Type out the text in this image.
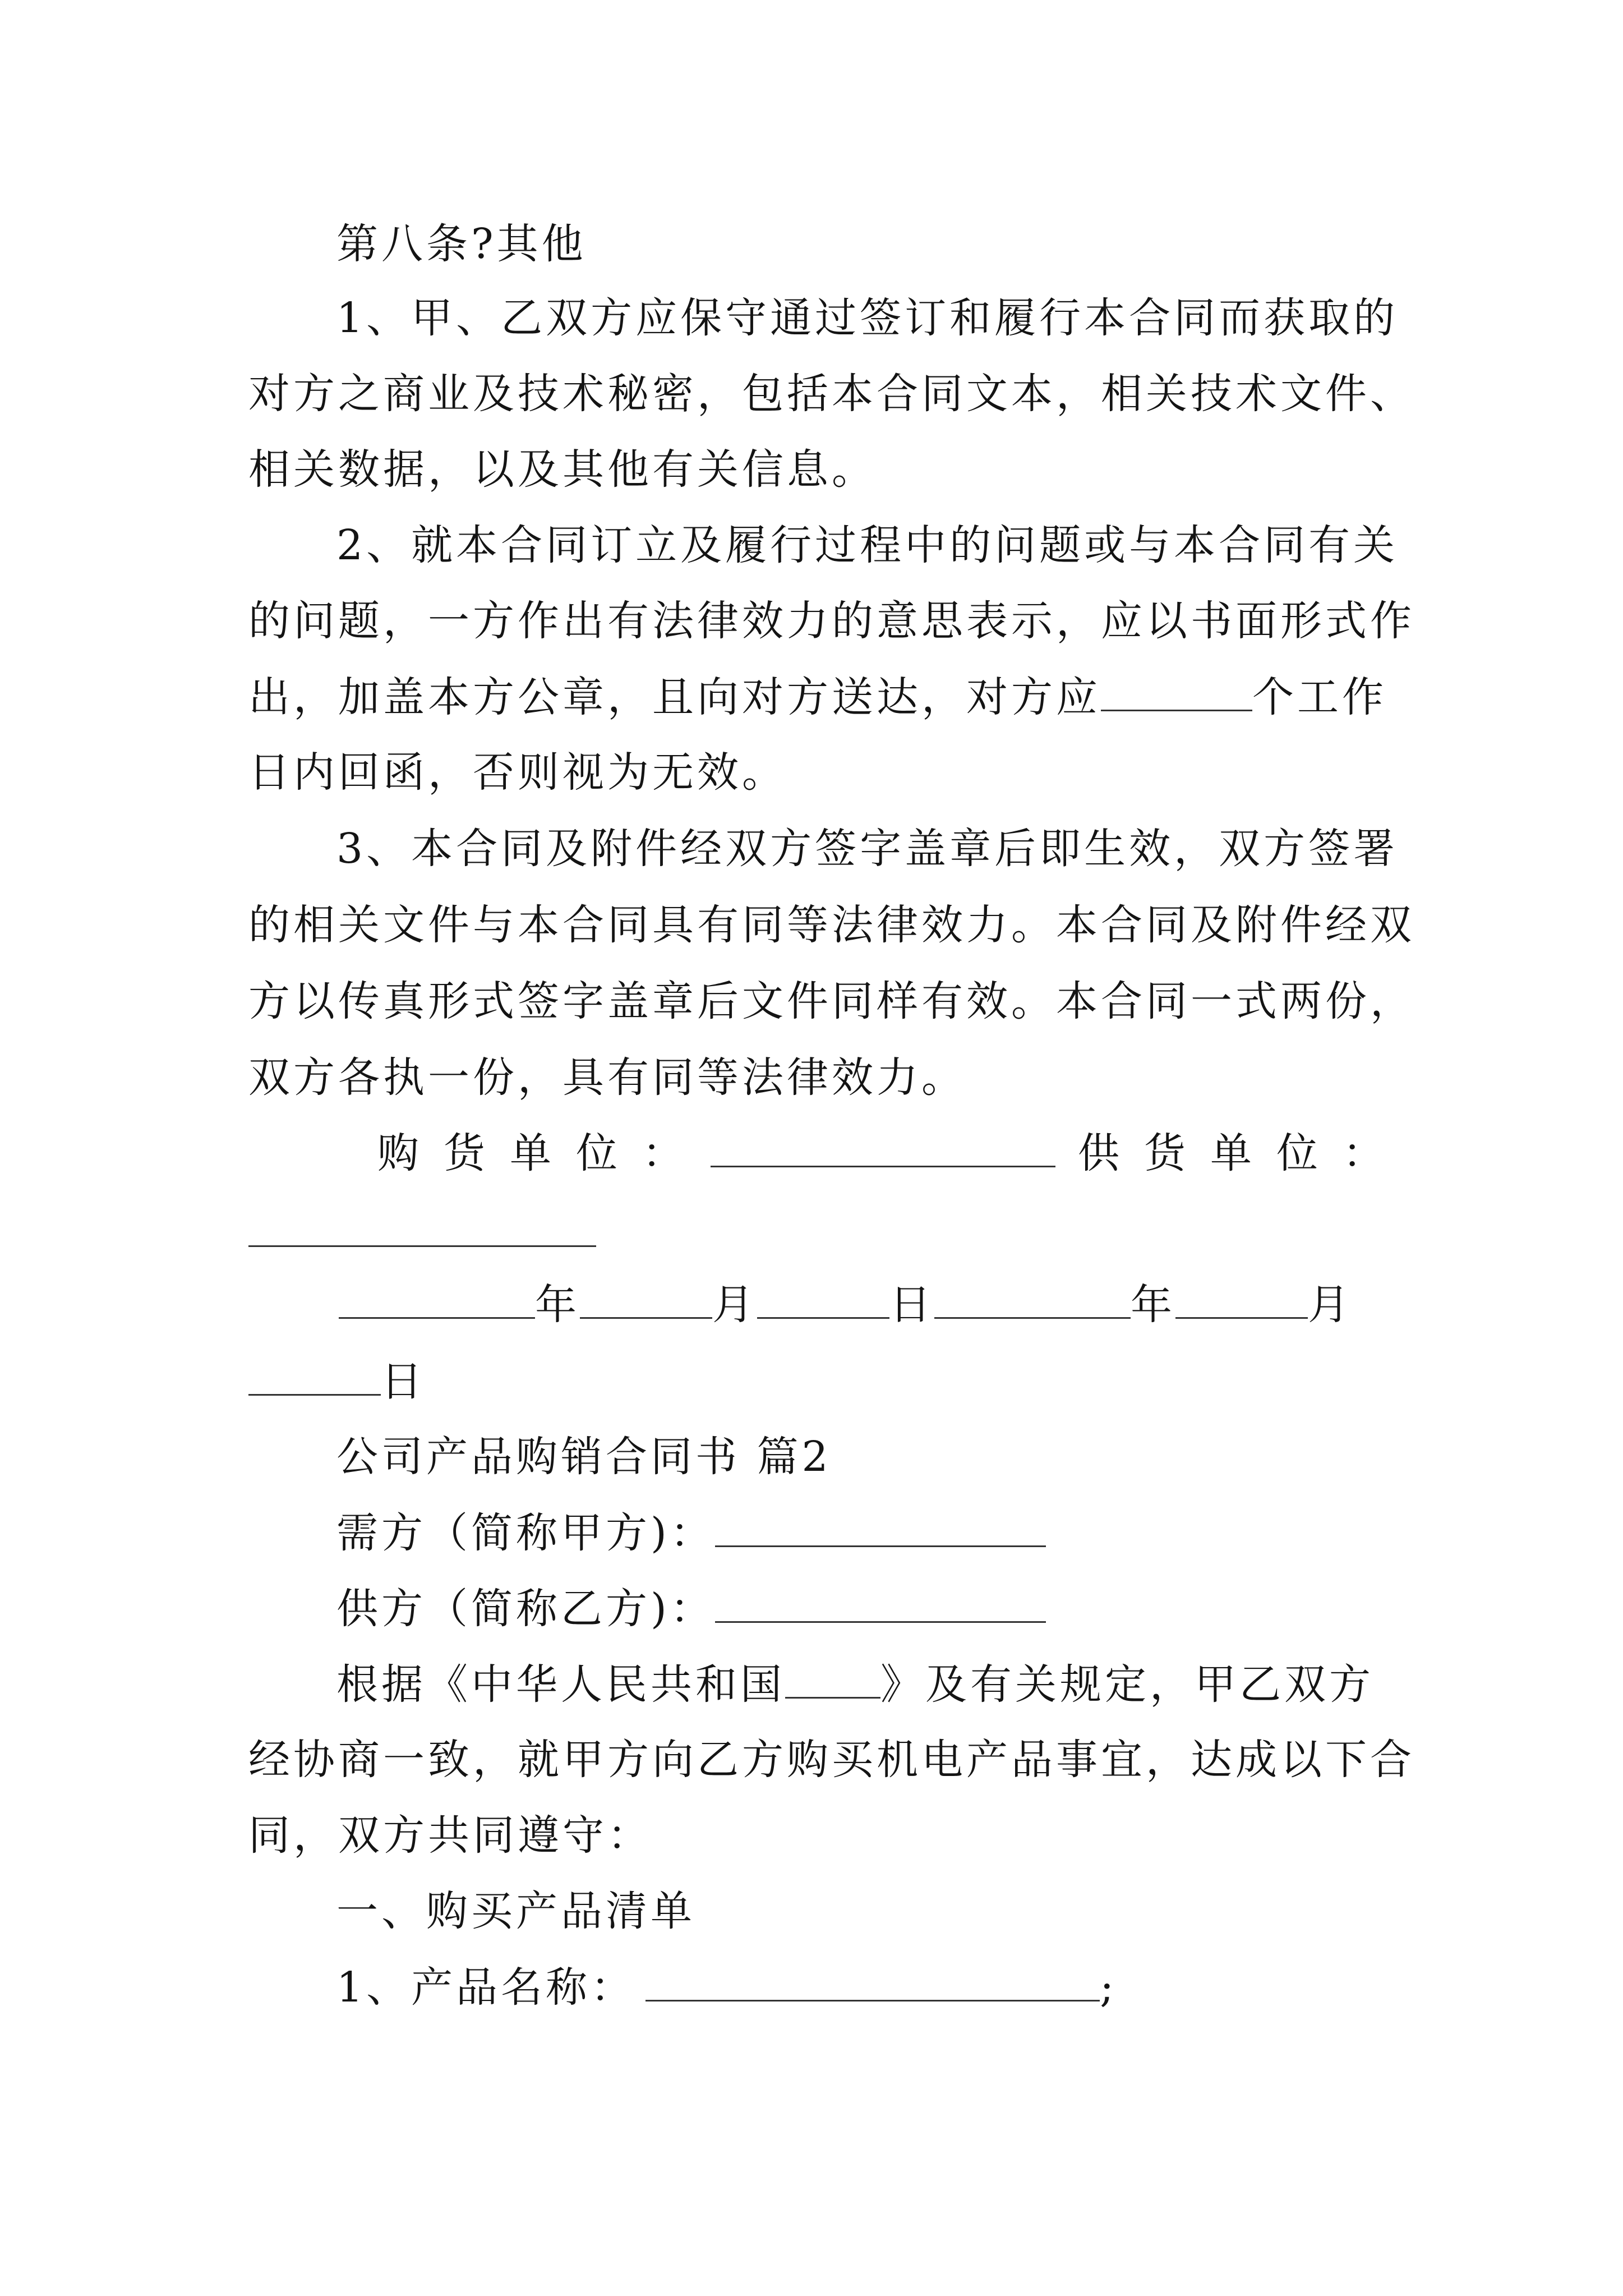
第八条?其他
1、甲、乙双方应保守通过签订和履行本合同而获取的
对方之商业及技术秘密，包括本合同文本，相关技术文件、
相关数据，以及其他有关信息。
2、就本合同订立及履行过程中的问题或与本合同有关
的问题，一方作出有法律效力的意思表示，应以书面形式作
出，加盖本方公章，且向对方送达，对方应	个工作
日内回函，否则视为无效。
3、本合同及附件经双方签字盖章后即生效，双方签署
的相关文件与本合同具有同等法律效力。本合同及附件经双
方以传真形式签字盖章后文件同样有效。本合同一式两份，
双方各执一份，具有同等法律效力。
购货单位：	供货单位：
年	月	日	年	月
日
公司产品购销合同书 篇2
需方（简称甲方)：
供方（简称乙方)：
根据《中华人民共和国 》及有关规定，甲乙双方
经协商一致，就甲方向乙方购买机电产品事宜，达成以下合
同，双方共同遵守：
一、购买产品清单
1、产品名称：	;
